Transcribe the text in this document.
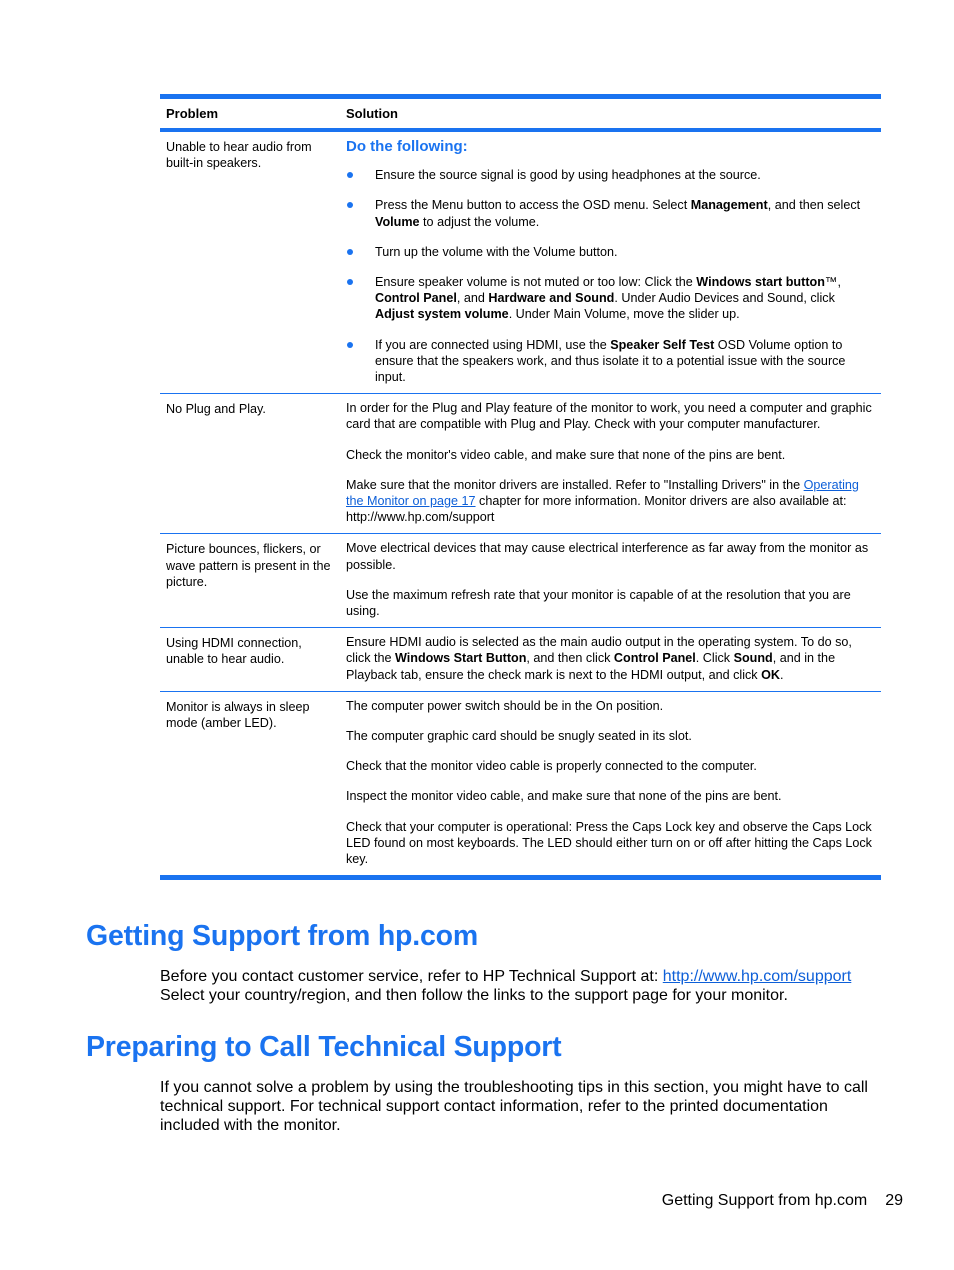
Problem	Solution
Unable to hear audio from built-in speakers.

Do the following:

Ensure the source signal is good by using headphones at the source.
Press the Menu button to access the OSD menu. Select Management, and then select Volume to adjust the volume.
Turn up the volume with the Volume button.
Ensure speaker volume is not muted or too low: Click the Windows start button™, Control Panel, and Hardware and Sound. Under Audio Devices and Sound, click Adjust system volume. Under Main Volume, move the slider up.
If you are connected using HDMI, use the Speaker Self Test OSD Volume option to ensure that the speakers work, and thus isolate it to a potential issue with the source input.
No Plug and Play.	In order for the Plug and Play feature of the monitor to work, you need a computer and graphic card that are compatible with Plug and Play. Check with your computer manufacturer.

Check the monitor's video cable, and make sure that none of the pins are bent.

Make sure that the monitor drivers are installed. Refer to "Installing Drivers" in the Operating the Monitor on page 17 chapter for more information. Monitor drivers are also available at: http://www.hp.com/support

Picture bounces, flickers, or wave pattern is present in the picture.

Move electrical devices that may cause electrical interference as far away from the monitor as possible.

Use the maximum refresh rate that your monitor is capable of at the resolution that you are using.

Using HDMI connection, unable to hear audio.

Ensure HDMI audio is selected as the main audio output in the operating system. To do so, click the Windows Start Button, and then click Control Panel. Click Sound, and in the Playback tab, ensure the check mark is next to the HDMI output, and click OK.

Monitor is always in sleep mode (amber LED).

The computer power switch should be in the On position.

The computer graphic card should be snugly seated in its slot.

Check that the monitor video cable is properly connected to the computer.

Inspect the monitor video cable, and make sure that none of the pins are bent.

Check that your computer is operational: Press the Caps Lock key and observe the Caps Lock LED found on most keyboards. The LED should either turn on or off after hitting the Caps Lock key.

Getting Support from hp.com

Before you contact customer service, refer to HP Technical Support at: http://www.hp.com/support Select your country/region, and then follow the links to the support page for your monitor.

Preparing to Call Technical Support

If you cannot solve a problem by using the troubleshooting tips in this section, you might have to call technical support. For technical support contact information, refer to the printed documentation included with the monitor.

Getting Support from hp.com 29
